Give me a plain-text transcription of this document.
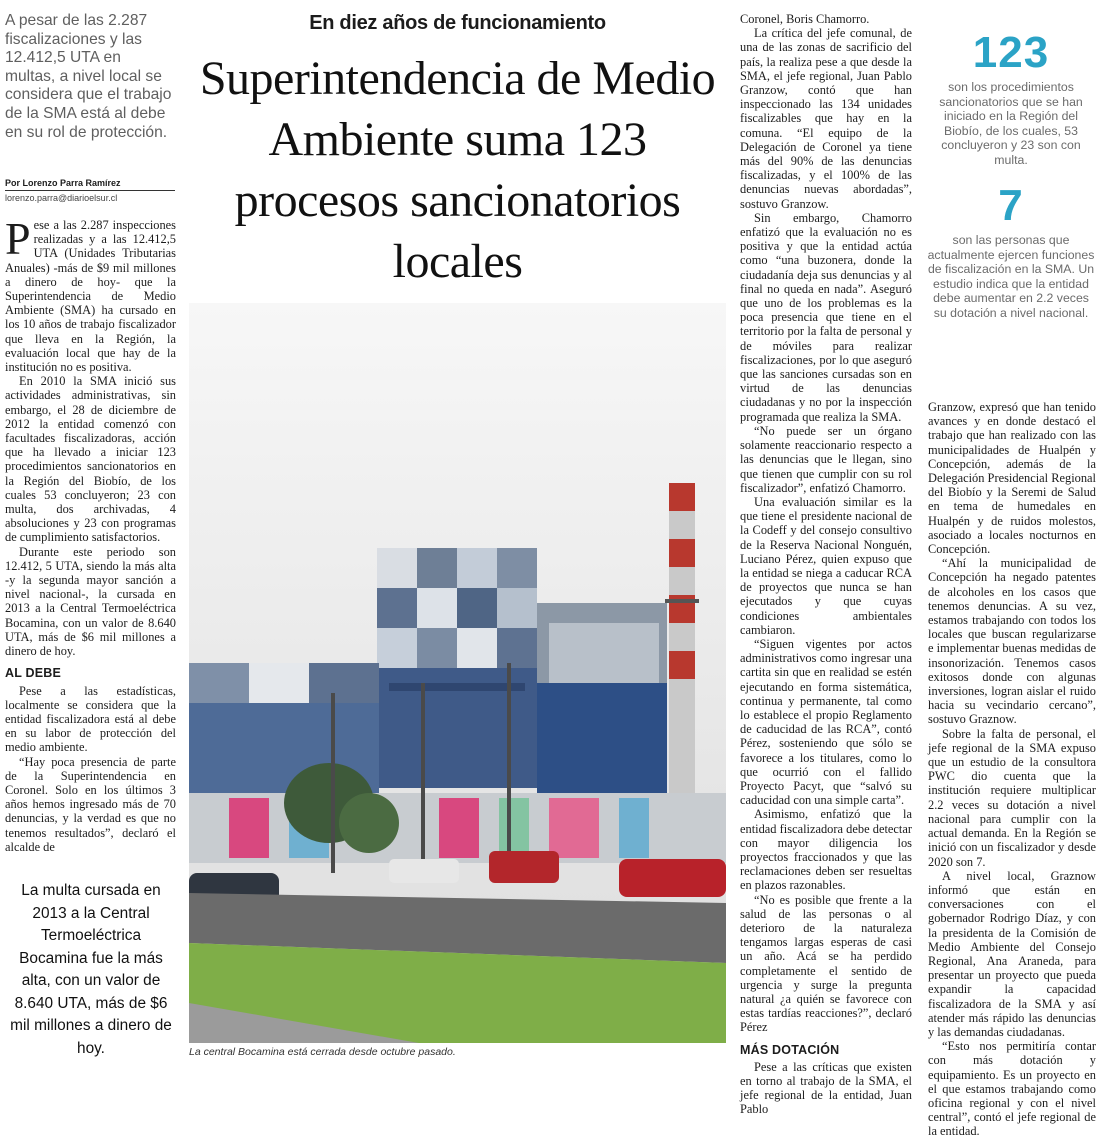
A pesar de las 2.287 fiscalizaciones y las 12.412,5 UTA en multas, a nivel local se considera que el trabajo de la SMA está al debe en su rol de protección.
Por Lorenzo Parra Ramírez
lorenzo.parra@diarioelsur.cl

Pese a las 2.287 inspecciones realizadas y a las 12.412,5 UTA (Unidades Tributarias Anuales) -más de $9 mil millones a dinero de hoy- que la Superintendencia de Medio Ambiente (SMA) ha cursado en los 10 años de trabajo fiscalizador que lleva en la Región, la evaluación local que hay de la institución no es positiva.

En 2010 la SMA inició sus actividades administrativas, sin embargo, el 28 de diciembre de 2012 la entidad comenzó con facultades fiscalizadoras, acción que ha llevado a iniciar 123 procedimientos sancionatorios en la Región del Biobío, de los cuales 53 concluyeron; 23 con multa, dos archivadas, 4 absoluciones y 23 con programas de cumplimiento satisfactorios.

Durante este periodo son 12.412, 5 UTA, siendo la más alta -y la segunda mayor sanción a nivel nacional-, la cursada en 2013 a la Central Termoeléctrica Bocamina, con un valor de 8.640 UTA, más de $6 mil millones a dinero de hoy.

AL DEBE

Pese a las estadísticas, localmente se considera que la entidad fiscalizadora está al debe en su labor de protección del medio ambiente.

“Hay poca presencia de parte de la Superintendencia en Coronel. Solo en los últimos 3 años hemos ingresado más de 70 denuncias, y la verdad es que no tenemos resultados”, declaró el alcalde de

La multa cursada en 2013 a la Central Termoeléctrica Bocamina fue la más alta, con un valor de 8.640 UTA, más de $6 mil millones a dinero de hoy.
En diez años de funcionamiento
Superintendencia de Medio Ambiente suma 123 procesos sancionatorios locales
La central Bocamina está cerrada desde octubre pasado.

Coronel, Boris Chamorro.

La crítica del jefe comunal, de una de las zonas de sacrificio del país, la realiza pese a que desde la SMA, el jefe regional, Juan Pablo Granzow, contó que han inspeccionado las 134 unidades fiscalizables que hay en la comuna. “El equipo de la Delegación de Coronel ya tiene más del 90% de las denuncias fiscalizadas, y el 100% de las denuncias nuevas abordadas”, sostuvo Granzow.

Sin embargo, Chamorro enfatizó que la evaluación no es positiva y que la entidad actúa como “una buzonera, donde la ciudadanía deja sus denuncias y al final no queda en nada”. Aseguró que uno de los problemas es la poca presencia que tiene en el territorio por la falta de personal y de móviles para realizar fiscalizaciones, por lo que aseguró que las sanciones cursadas son en virtud de las denuncias ciudadanas y no por la inspección programada que realiza la SMA.

“No puede ser un órgano solamente reaccionario respecto a las denuncias que le llegan, sino que tienen que cumplir con su rol fiscalizador”, enfatizó Chamorro.

Una evaluación similar es la que tiene el presidente nacional de la Codeff y del consejo consultivo de la Reserva Nacional Nonguén, Luciano Pérez, quien expuso que la entidad se niega a caducar RCA de proyectos que nunca se han ejecutados y que cuyas condiciones ambientales cambiaron.

“Siguen vigentes por actos administrativos como ingresar una cartita sin que en realidad se estén ejecutando en forma sistemática, continua y permanente, tal como lo establece el propio Reglamento de caducidad de las RCA”, contó Pérez, sosteniendo que sólo se favorece a los titulares, como lo que ocurrió con el fallido Proyecto Pacyt, que “salvó su caducidad con una simple carta”.

Asimismo, enfatizó que la entidad fiscalizadora debe detectar con mayor diligencia los proyectos fraccionados y que las reclamaciones deben ser resueltas en plazos razonables.

“No es posible que frente a la salud de las personas o al deterioro de la naturaleza tengamos largas esperas de casi un año. Acá se ha perdido completamente el sentido de urgencia y surge la pregunta natural ¿a quién se favorece con estas tardías reacciones?”, declaró Pérez

MÁS DOTACIÓN

Pese a las críticas que existen en torno al trabajo de la SMA, el jefe regional de la entidad, Juan Pablo

123
son los procedimientos sancionatorios que se han iniciado en la Región del Biobío, de los cuales, 53 concluyeron y 23 son con multa.
7
son las personas que actualmente ejercen funciones de fiscalización en la SMA. Un estudio indica que la entidad debe aumentar en 2.2 veces su dotación a nivel nacional.

Granzow, expresó que han tenido avances y en donde destacó el trabajo que han realizado con las municipalidades de Hualpén y Concepción, además de la Delegación Presidencial Regional del Biobío y la Seremi de Salud en tema de humedales en Hualpén y de ruidos molestos, asociado a locales nocturnos en Concepción.

“Ahí la municipalidad de Concepción ha negado patentes de alcoholes en los casos que tenemos denuncias. A su vez, estamos trabajando con todos los locales que buscan regularizarse e implementar buenas medidas de insonorización. Tenemos casos exitosos donde con algunas inversiones, logran aislar el ruido hacia su vecindario cercano”, sostuvo Graznow.

Sobre la falta de personal, el jefe regional de la SMA expuso que un estudio de la consultora PWC dio cuenta que la institución requiere multiplicar 2.2 veces su dotación a nivel nacional para cumplir con la actual demanda. En la Región se inició con un fiscalizador y desde 2020 son 7.

A nivel local, Graznow informó que están en conversaciones con el gobernador Rodrigo Díaz, y con la presidenta de la Comisión de Medio Ambiente del Consejo Regional, Ana Araneda, para presentar un proyecto que pueda expandir la capacidad fiscalizadora de la SMA y así atender más rápido las denuncias y las demandas ciudadanas.

“Esto nos permitiría contar con más dotación y equipamiento. Es un proyecto en el que estamos trabajando como oficina regional y con el nivel central”, contó el jefe regional de la entidad.
